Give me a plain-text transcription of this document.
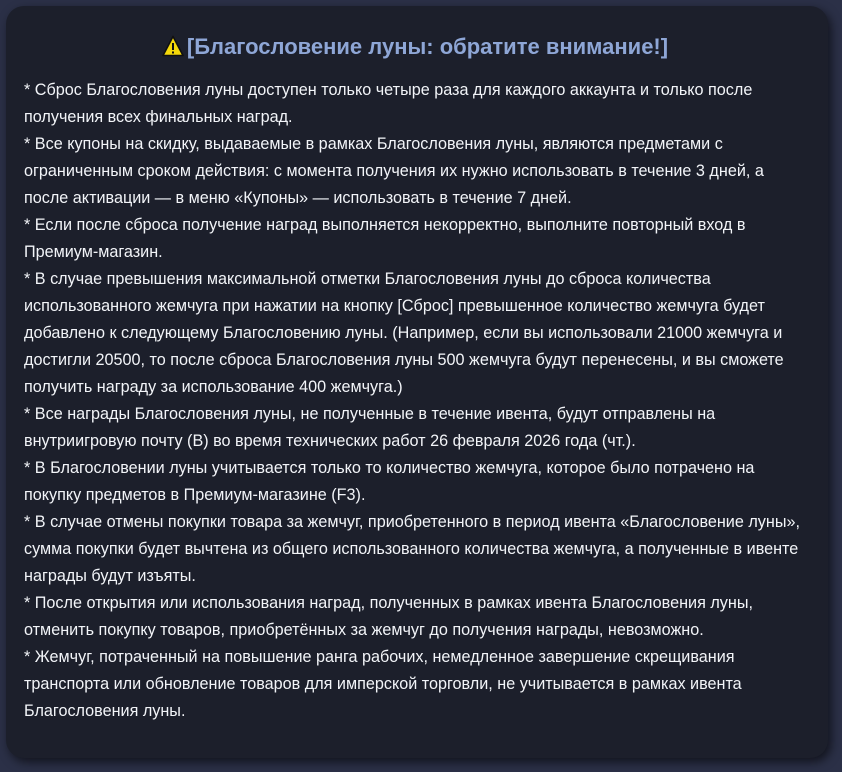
[Благословение луны: обратите внимание!]
* Сброс Благословения луны доступен только четыре раза для каждого аккаунта и только после получения всех финальных наград.
* Все купоны на скидку, выдаваемые в рамках Благословения луны, являются предметами с ограниченным сроком действия: с момента получения их нужно использовать в течение 3 дней, а после активации — в меню «Купоны» — использовать в течение 7 дней.
* Если после сброса получение наград выполняется некорректно, выполните повторный вход в Премиум-магазин.
* В случае превышения максимальной отметки Благословения луны до сброса количества использованного жемчуга при нажатии на кнопку [Сброс] превышенное количество жемчуга будет добавлено к следующему Благословению луны. (Например, если вы использовали 21000 жемчуга и достигли 20500, то после сброса Благословения луны 500 жемчуга будут перенесены, и вы сможете получить награду за использование 400 жемчуга.)
* Все награды Благословения луны, не полученные в течение ивента, будут отправлены на внутриигровую почту (B) во время технических работ 26 февраля 2026 года (чт.).
* В Благословении луны учитывается только то количество жемчуга, которое было потрачено на покупку предметов в Премиум-магазине (F3).
* В случае отмены покупки товара за жемчуг, приобретенного в период ивента «Благословение луны», сумма покупки будет вычтена из общего использованного количества жемчуга, а полученные в ивенте награды будут изъяты.
* После открытия или использования наград, полученных в рамках ивента Благословения луны, отменить покупку товаров, приобретённых за жемчуг до получения награды, невозможно.
* Жемчуг, потраченный на повышение ранга рабочих, немедленное завершение скрещивания транспорта или обновление товаров для имперской торговли, не учитывается в рамках ивента Благословения луны.
